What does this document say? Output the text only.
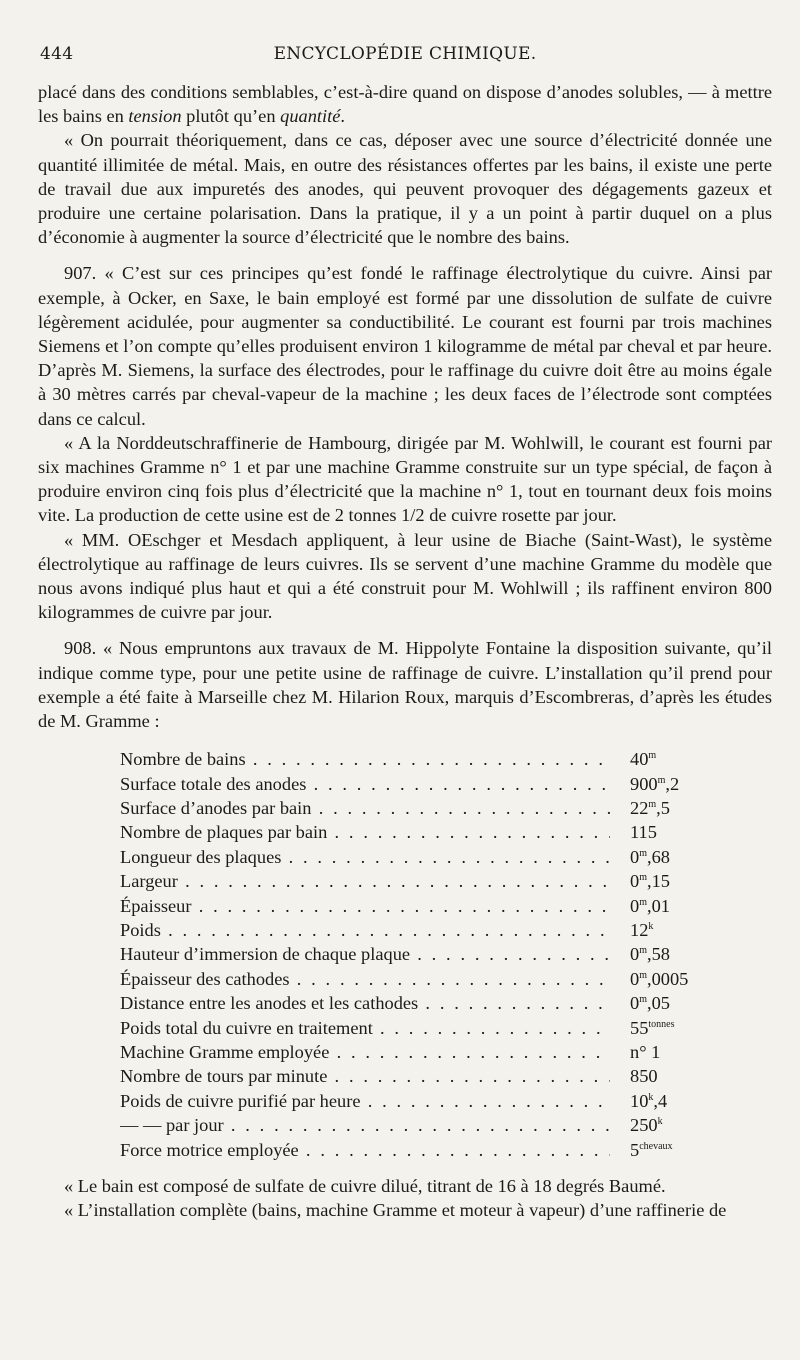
444	ENCYCLOPÉDIE CHIMIQUE.

placé dans des conditions semblables, c’est-à-dire quand on dispose d’anodes solubles, — à mettre les bains en tension plutôt qu’en quantité.

« On pourrait théoriquement, dans ce cas, déposer avec une source d’électricité donnée une quantité illimitée de métal. Mais, en outre des résistances offertes par les bains, il existe une perte de travail due aux impuretés des anodes, qui peuvent provoquer des dégagements gazeux et produire une certaine polarisation. Dans la pratique, il y a un point à partir duquel on a plus d’économie à augmenter la source d’électricité que le nombre des bains.

907. « C’est sur ces principes qu’est fondé le raffinage électrolytique du cuivre. Ainsi par exemple, à Ocker, en Saxe, le bain employé est formé par une dissolution de sulfate de cuivre légèrement acidulée, pour augmenter sa conductibilité. Le courant est fourni par trois machines Siemens et l’on compte qu’elles produisent environ 1 kilogramme de métal par cheval et par heure. D’après M. Siemens, la surface des électrodes, pour le raffinage du cuivre doit être au moins égale à 30 mètres carrés par cheval-vapeur de la machine ; les deux faces de l’électrode sont comptées dans ce calcul.

« A la Norddeutschraffinerie de Hambourg, dirigée par M. Wohlwill, le courant est fourni par six machines Gramme n° 1 et par une machine Gramme construite sur un type spécial, de façon à produire environ cinq fois plus d’électricité que la machine n° 1, tout en tournant deux fois moins vite. La production de cette usine est de 2 tonnes 1/2 de cuivre rosette par jour.

« MM. OEschger et Mesdach appliquent, à leur usine de Biache (Saint-Wast), le système électrolytique au raffinage de leurs cuivres. Ils se servent d’une machine Gramme du modèle que nous avons indiqué plus haut et qui a été construit pour M. Wohlwill ; ils raffinent environ 800 kilogrammes de cuivre par jour.

908. « Nous empruntons aux travaux de M. Hippolyte Fontaine la disposition suivante, qu’il indique comme type, pour une petite usine de raffinage de cuivre. L’installation qu’il prend pour exemple a été faite à Marseille chez M. Hilarion Roux, marquis d’Escombreras, d’après les études de M. Gramme :

Nombre de bains . . .	40$^m$
Surface totale des anodes . . .	900$^m$,2
Surface d’anodes par bain . . .	22$^m$,5
Nombre de plaques par bain . . .	115
Longueur des plaques . . .	0$^m$,68
Largeur . . .	0$^m$,15
Épaisseur . . .	0$^m$,01
Poids . . .	12$^k$
Hauteur d’immersion de chaque plaque . . .	0$^m$,58
Épaisseur des cathodes . . .	0$^m$,0005
Distance entre les anodes et les cathodes . . .	0$^m$,05
Poids total du cuivre en traitement . . .	$55^{tonnes}$
Machine Gramme employée . . .	n° 1
Nombre de tours par minute . . .	850
Poids de cuivre purifié par heure . . .	10$^k$,4
— — par jour . . .	250$^k$
Force motrice employée . . .	$5^{chevaux}$

« Le bain est composé de sulfate de cuivre dilué, titrant de 16 à 18 degrés Baumé.

« L’installation complète (bains, machine Gramme et moteur à vapeur) d’une raffinerie de
